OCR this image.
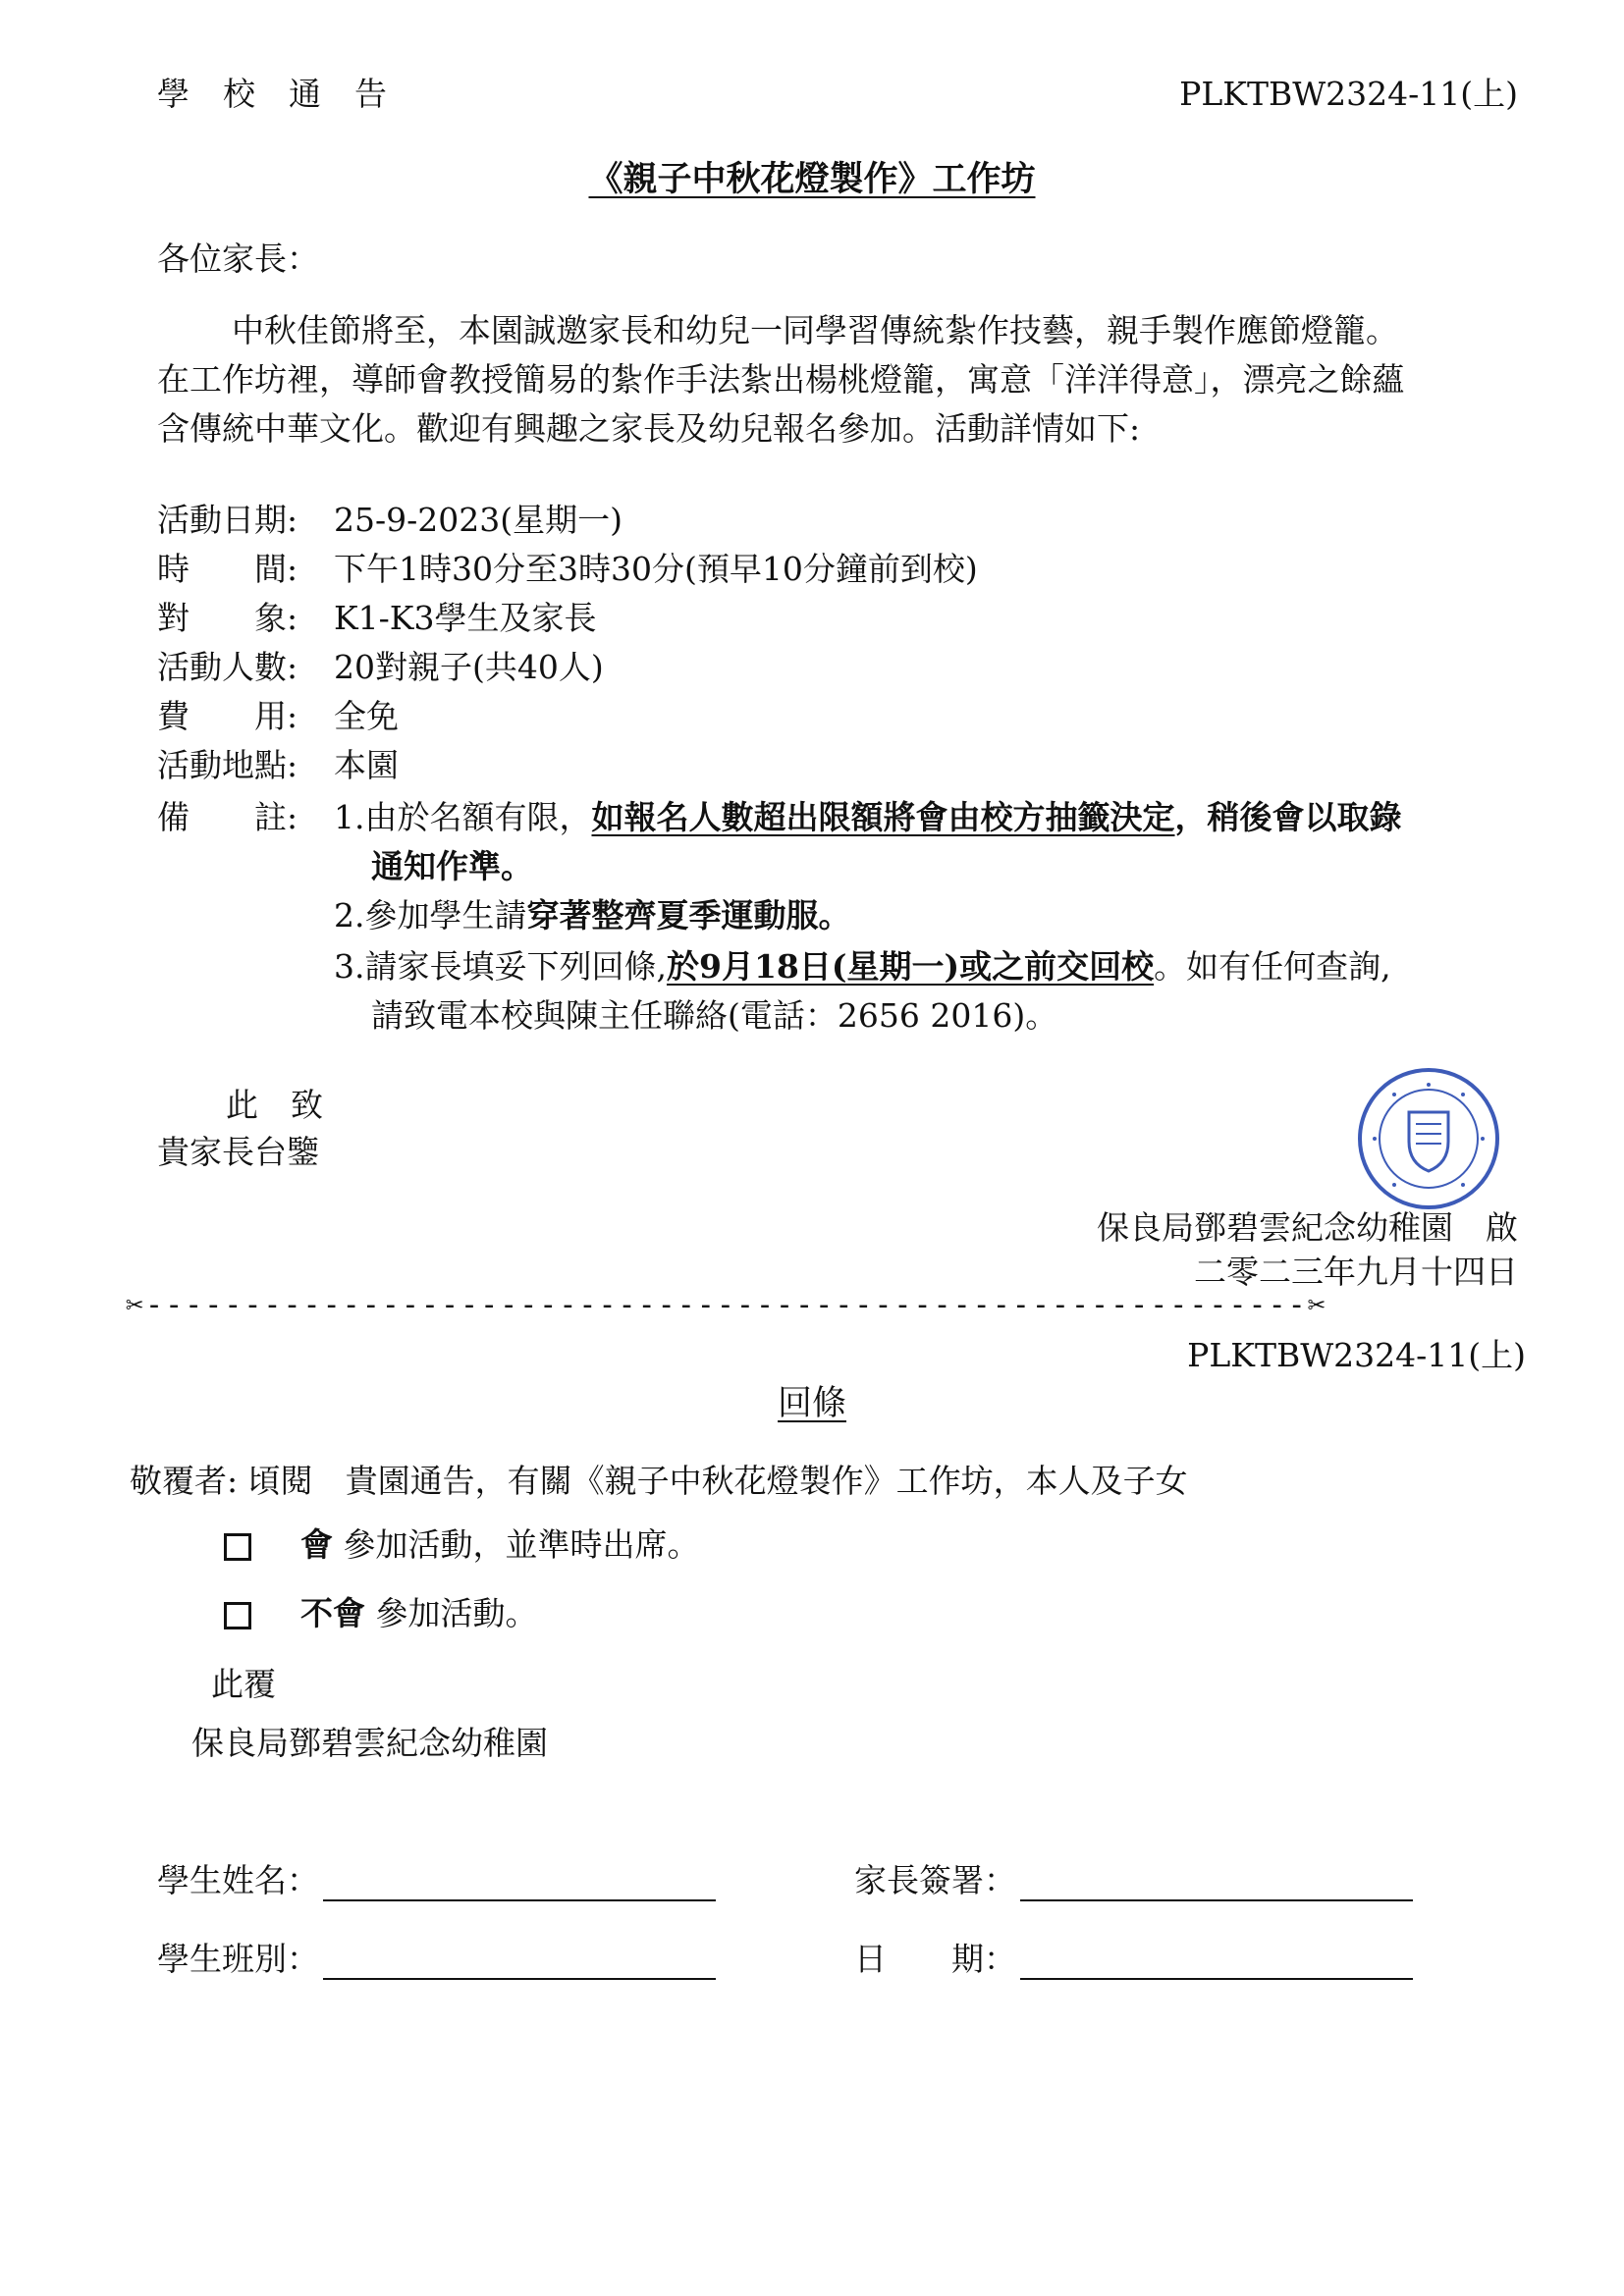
學校通告	PLKTBW2324-11(上)
《親子中秋花燈製作》工作坊
各位家長：
中秋佳節將至，本園誠邀家長和幼兒一同學習傳統紮作技藝，親手製作應節燈籠。
在工作坊裡，導師會教授簡易的紮作手法紮出楊桃燈籠，寓意「洋洋得意」，漂亮之餘蘊
含傳統中華文化。歡迎有興趣之家長及幼兒報名參加。活動詳情如下:
活動日期: 25-9-2023(星期一)
時　　間: 下午1時30分至3時30分(預早10分鐘前到校)
對　　象: K1-K3學生及家長
活動人數: 20對親子(共40人)
費　　用: 全免
活動地點: 本園
備　　註: 1.由於名額有限，如報名人數超出限額將會由校方抽籤決定，稍後會以取錄
通知作準。
2.參加學生請穿著整齊夏季運動服。
3.請家長填妥下列回條,於9月18日(星期一)或之前交回校。如有任何查詢,
請致電本校與陳主任聯絡(電話：2656 2016)。
此　致
貴家長台鑒
保良局鄧碧雲紀念幼稚園　啟
二零二三年九月十四日
✂-----------------------------------------------------------✂
PLKTBW2324-11(上)
回條
敬覆者: 頃閱　貴園通告，有關《親子中秋花燈製作》工作坊，本人及子女
會 參加活動，並準時出席。
不會 參加活動。
此覆
保良局鄧碧雲紀念幼稚園
學生姓名：	家長簽署：
學生班別：	日　　期：
